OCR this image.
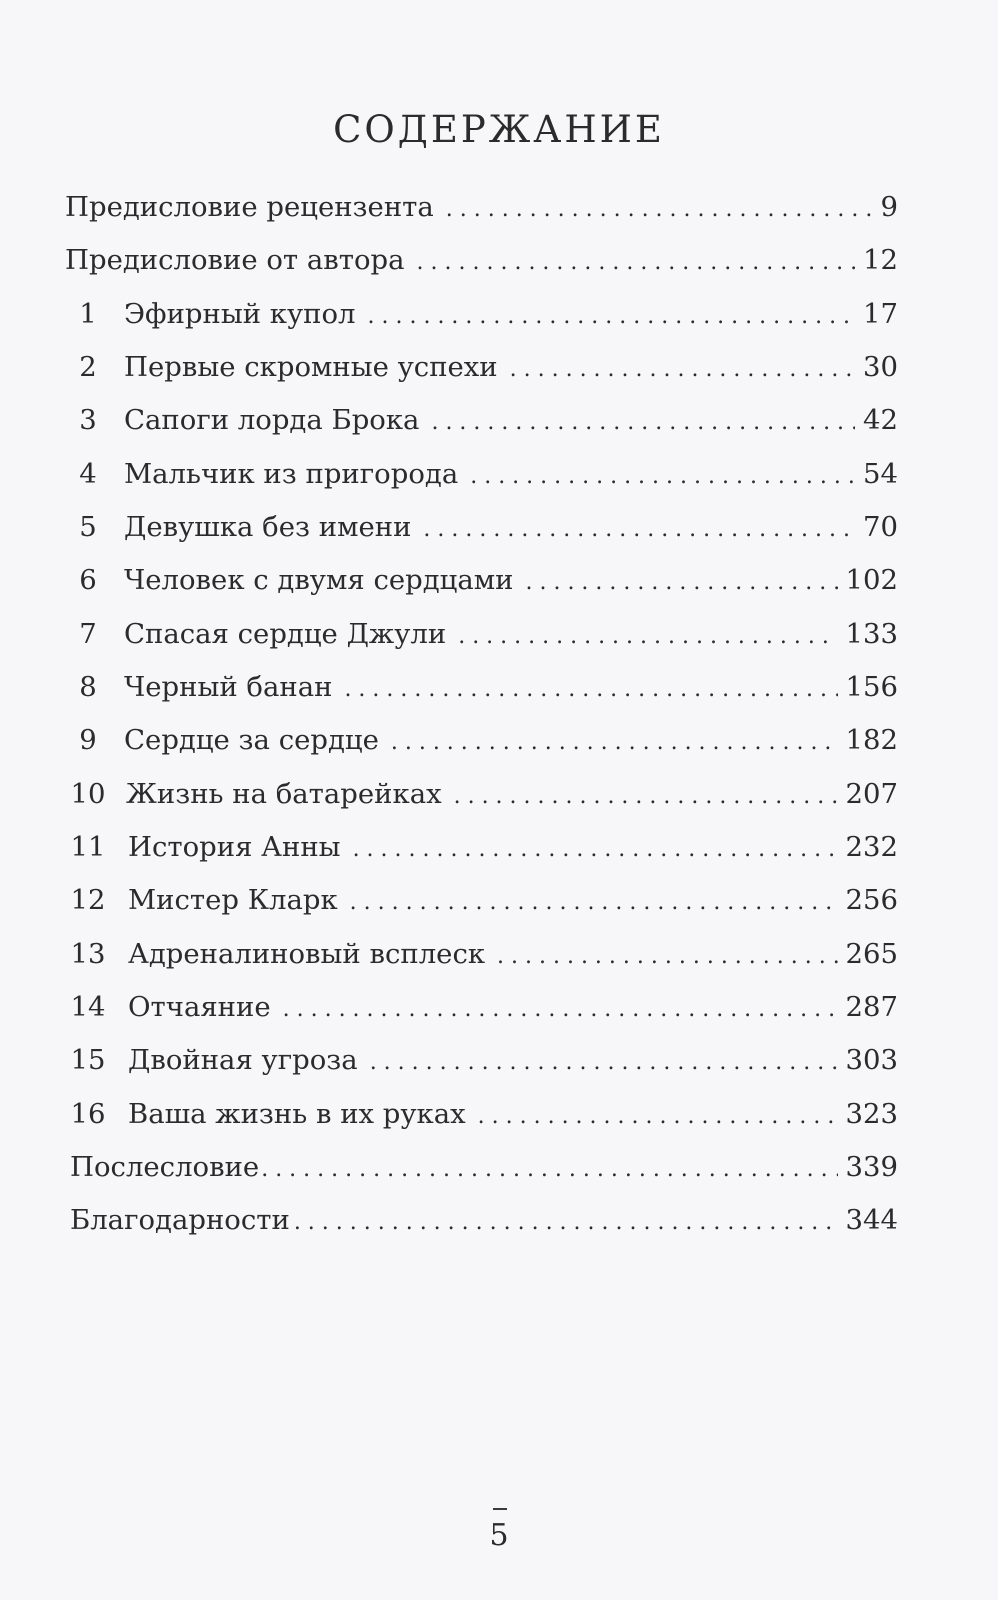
СОДЕРЖАНИЕ
Предисловие рецензента . . .	9
Предисловие от автора . . .	12
1 Эфирный купол . . .	17
2 Первые скромные успехи . . .	30
3 Сапоги лорда Брока . . .	42
4 Мальчик из пригорода . . .	54
5 Девушка без имени . . .	70
6 Человек с двумя сердцами . . .	102
7 Спасая сердце Джули . . .	133
8 Черный банан . . .	156
9 Сердце за сердце . . .	182
10 Жизнь на батарейках . . .	207
11 История Анны . . .	232
12 Мистер Кларк . . .	256
13 Адреналиновый всплеск . . .	265
14 Отчаяние . . .	287
15 Двойная угроза . . .	303
16 Ваша жизнь в их руках . . .	323
Послесловие . . .	339
Благодарности . . .	344
5
